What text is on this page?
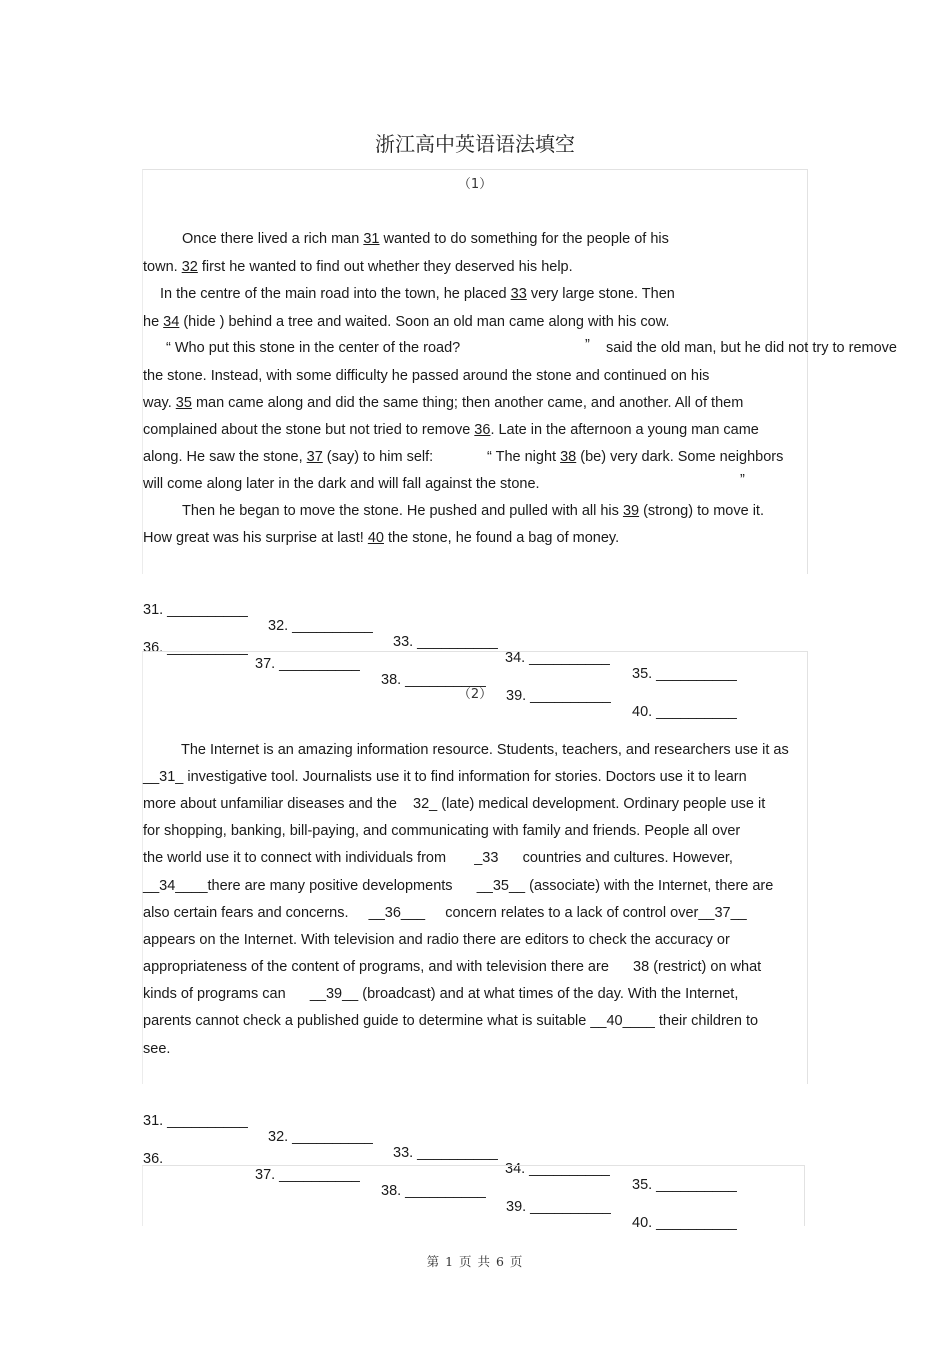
浙江高中英语语法填空
（1）
Once there lived a rich man 31 wanted to do something for the people of his
town. 32 first he wanted to find out whether they deserved his help.
In the centre of the main road into the town, he placed 33 very large stone. Then
he 34 (hide ) behind a tree and waited. Soon an old man came along with his cow.
“ Who put this stone in the center of the road?	” said the old man, but he did not try to remove
the stone. Instead, with some difficulty he passed around the stone and continued on his
way. 35 man came along and did the same thing; then another came, and another. All of them
complained about the stone but not tried to remove 36. Late in the afternoon a young man came
along. He saw the stone, 37 (say) to him self:	“ The night 38 (be) very dark. Some neighbors
will come along later in the dark and will fall against the stone.	”
Then he began to move the stone. He pushed and pulled with all his 39 (strong) to move it.
How great was his surprise at last! 40 the stone, he found a bag of money.

31. __________

32. __________

33. __________

34. __________

35. __________

36. __________

37. __________

38. __________

39. __________

40. __________

（2）
The Internet is an amazing information resource. Students, teachers, and researchers use it as
__31_ investigative tool. Journalists use it to find information for stories. Doctors use it to learn
more about unfamiliar diseases and the    32_ (late) medical development. Ordinary people use it
for shopping, banking, bill-paying, and communicating with family and friends. People all over
the world use it to connect with individuals from       _33      countries and cultures. However,
__34____there are many positive developments      __35__ (associate) with the Internet, there are
also certain fears and concerns.     __36___     concern relates to a lack of control over__37__
appears on the Internet. With television and radio there are editors to check the accuracy or
appropriateness of the content of programs, and with television there are      38 (restrict) on what
kinds of programs can      __39__ (broadcast) and at what times of the day. With the Internet,
parents cannot check a published guide to determine what is suitable __40____ their children to
see.

31. __________

32. __________

33. __________

34. __________

35. __________

36. __________

37. __________

38. __________

39. __________

40. __________

第 1 页 共 6 页
